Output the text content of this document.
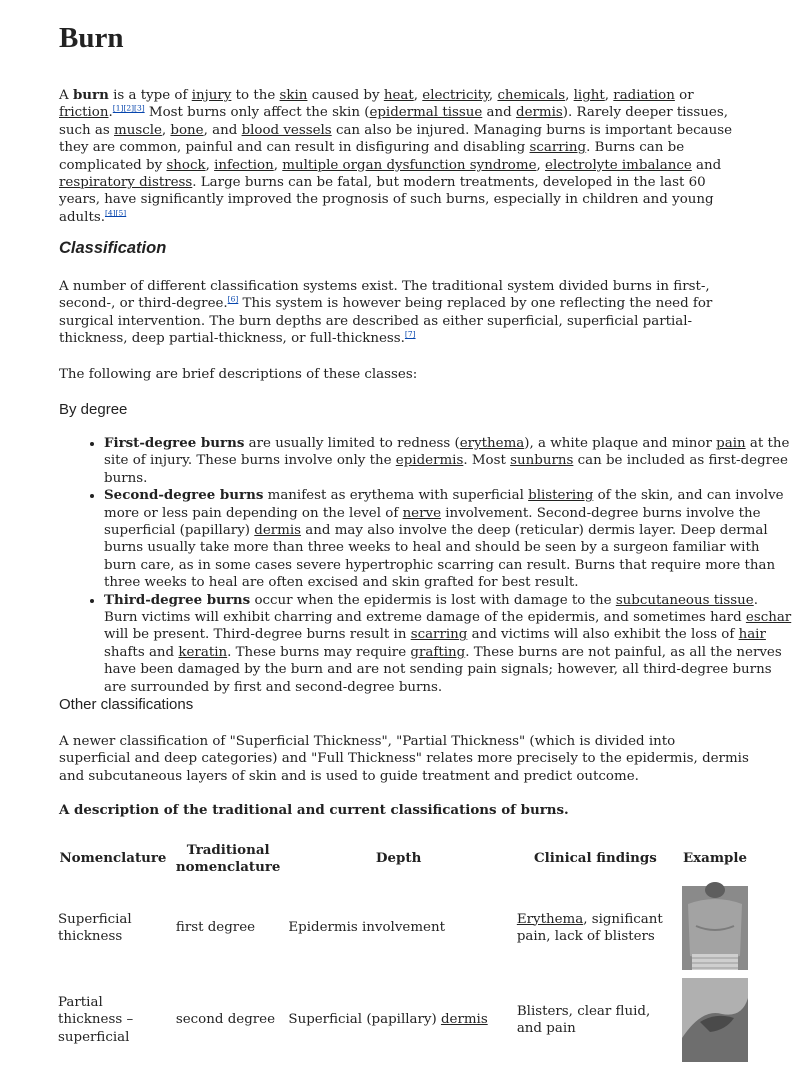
Burn

A burn is a type of injury to the skin caused by heat, electricity, chemicals, light, radiation or friction.[1][2][3] Most burns only affect the skin (epidermal tissue and dermis). Rarely deeper tissues, such as muscle, bone, and blood vessels can also be injured. Managing burns is important because they are common, painful and can result in disfiguring and disabling scarring. Burns can be complicated by shock, infection, multiple organ dysfunction syndrome, electrolyte imbalance and respiratory distress. Large burns can be fatal, but modern treatments, developed in the last 60 years, have significantly improved the prognosis of such burns, especially in children and young adults.[4][5]

Classification

A number of different classification systems exist. The traditional system divided burns in first-, second-, or third-degree.[6] This system is however being replaced by one reflecting the need for surgical intervention. The burn depths are described as either superficial, superficial partial-thickness, deep partial-thickness, or full-thickness.[7]

The following are brief descriptions of these classes:

By degree
• First-degree burns are usually limited to redness (erythema), a white plaque and minor pain at the site of injury. These burns involve only the epidermis. Most sunburns can be included as first-degree burns.
• Second-degree burns manifest as erythema with superficial blistering of the skin, and can involve more or less pain depending on the level of nerve involvement. Second-degree burns involve the superficial (papillary) dermis and may also involve the deep (reticular) dermis layer. Deep dermal burns usually take more than three weeks to heal and should be seen by a surgeon familiar with burn care, as in some cases severe hypertrophic scarring can result. Burns that require more than three weeks to heal are often excised and skin grafted for best result.
• Third-degree burns occur when the epidermis is lost with damage to the subcutaneous tissue. Burn victims will exhibit charring and extreme damage of the epidermis, and sometimes hard eschar will be present. Third-degree burns result in scarring and victims will also exhibit the loss of hair shafts and keratin. These burns may require grafting. These burns are not painful, as all the nerves have been damaged by the burn and are not sending pain signals; however, all third-degree burns are surrounded by first and second-degree burns.
Other classifications

A newer classification of "Superficial Thickness", "Partial Thickness" (which is divided into superficial and deep categories) and "Full Thickness" relates more precisely to the epidermis, dermis and subcutaneous layers of skin and is used to guide treatment and predict outcome.

A description of the traditional and current classifications of burns.

Nomenclature	Traditional nomenclature	Depth	Clinical findings	Example
Superficial thickness	first degree	Epidermis involvement	Erythema, significant pain, lack of blisters	

Partial thickness – superficial	second degree	Superficial (papillary) dermis	Blisters, clear fluid, and pain	
